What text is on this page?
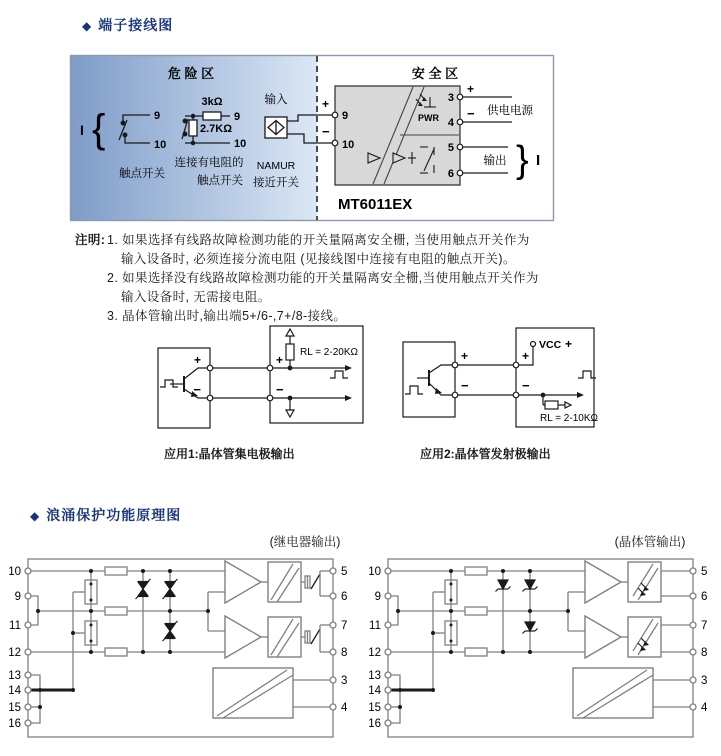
◆ 端子接线图
危 险 区	安 全 区
I {	9
10
触点开关
3kΩ
2.7KΩ
9
10
连接有电阻的
触点开关
输入
NAMUR
接近开关
PWR
9
10
3
4
5
6
+
−
MT6011EX
+
− 供电电源
输出 } I
注明: 1. 如果选择有线路故障检测功能的开关量隔离安全栅, 当使用触点开关作为
输入设备时, 必须连接分流电阻 (见接线图中连接有电阻的触点开关)。
2. 如果选择没有线路故障检测功能的开关量隔离安全栅,当使用触点开关作为
输入设备时, 无需接电阻。
3. 晶体管输出时,输出端5+/6-,7+/8-接线。
+
−
+
−
RL = 2-20KΩ
应用1:晶体管集电极输出
+
−
+
−
VCC +
RL = 2-10KΩ
应用2:晶体管发射极输出
◆ 浪涌保护功能原理图
(继电器输出)	(晶体管输出)
10
9
11
12
13
14
15
16
5
6
7
8
3
4
10
9
11
12
13
14
15
16
5
6
7
8
3
4
